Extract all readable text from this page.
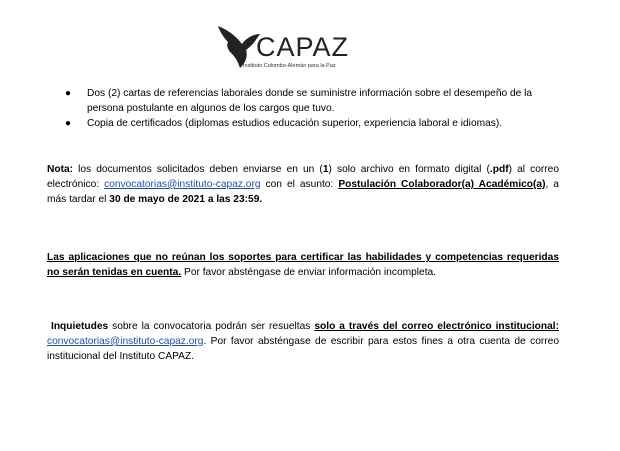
CAPAZ
Instituto Colombo-Alemán para la Paz
● Dos (2) cartas de referencias laborales donde se suministre información sobre el desempeño de la persona postulante en algunos de los cargos que tuvo.
● Copia de certificados (diplomas estudios educación superior, experiencia laboral e idiomas).

Nota: los documentos solicitados deben enviarse en un (1) solo archivo en formato digital (.pdf) al correo electrónico: convocatorias@instituto-capaz.org con el asunto: Postulación Colaborador(a) Académico(a), a más tardar el 30 de mayo de 2021 a las 23:59.

Las aplicaciones que no reúnan los soportes para certificar las habilidades y competencias requeridas no serán tenidas en cuenta. Por favor absténgase de enviar información incompleta.

Inquietudes sobre la convocatoria podrán ser resueltas solo a través del correo electrónico institucional: convocatorias@instituto-capaz.org. Por favor absténgase de escribir para estos fines a otra cuenta de correo institucional del Instituto CAPAZ.
